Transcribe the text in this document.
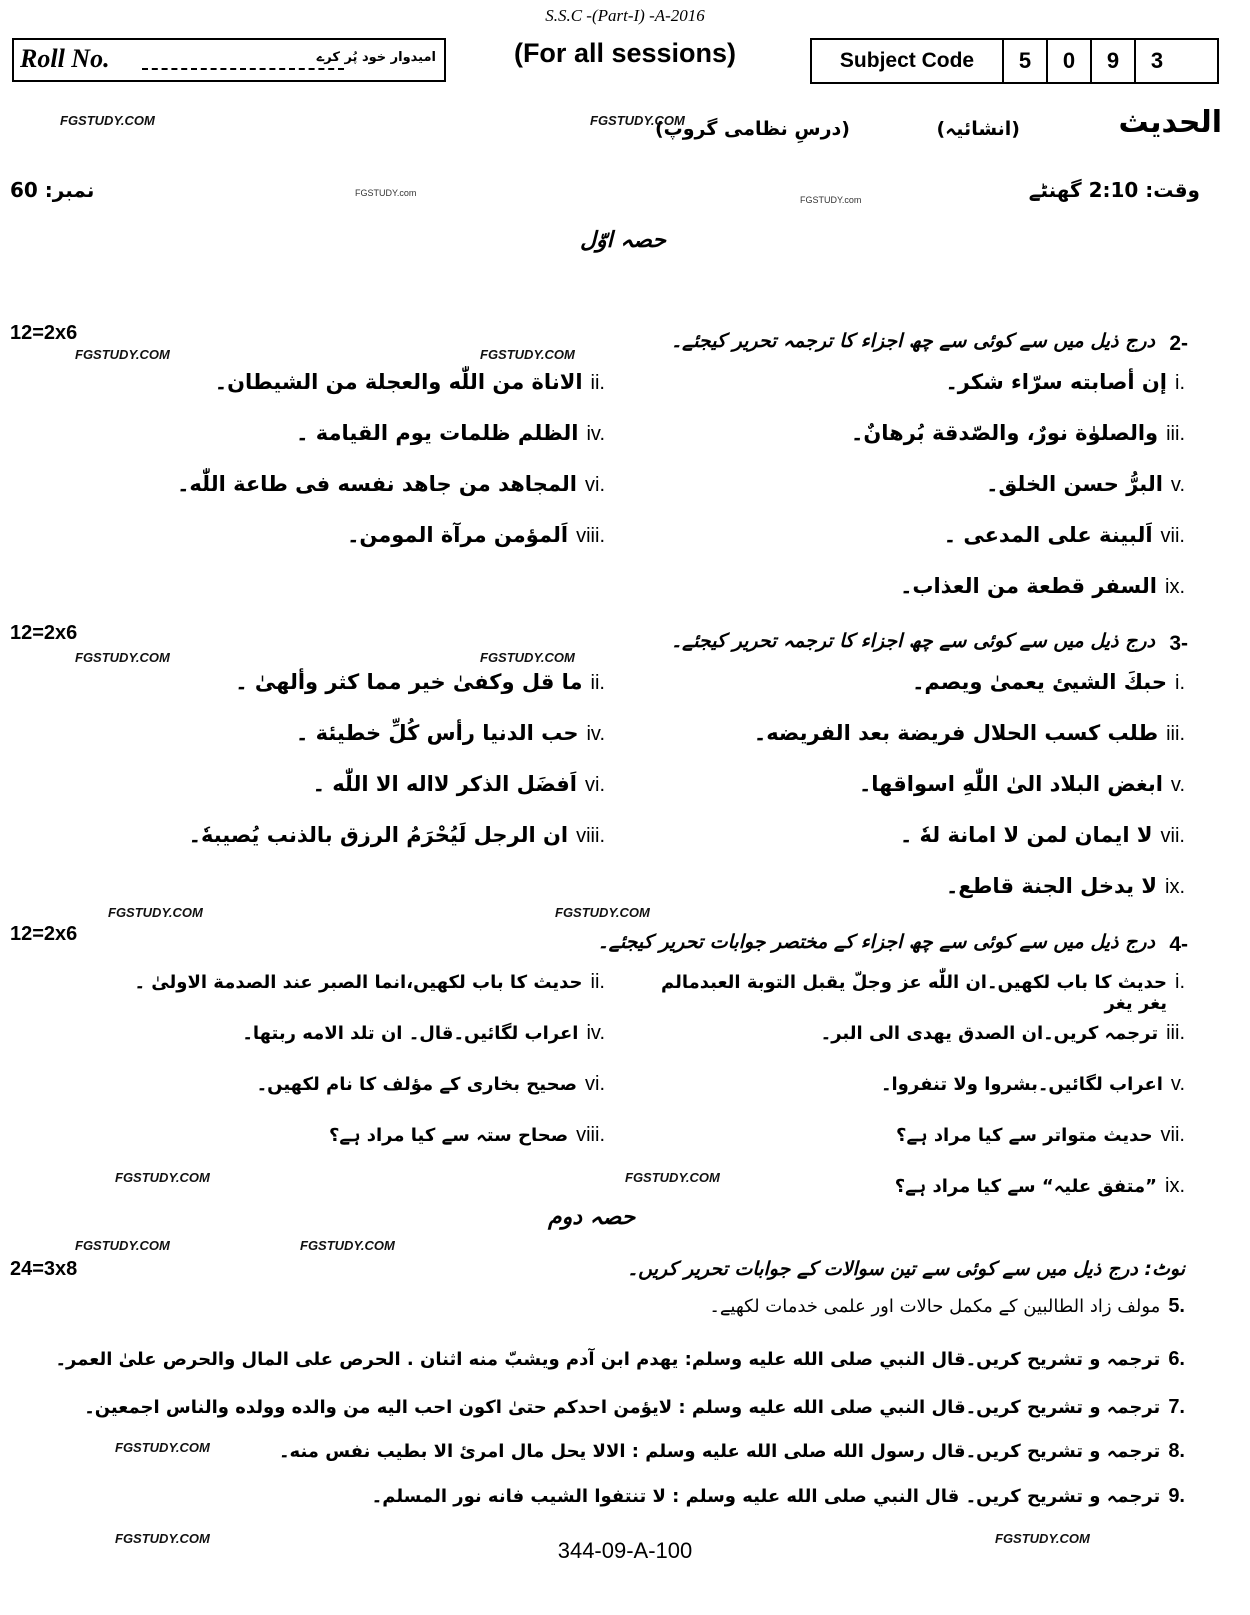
S.S.C -(Part-I) -A-2016
(For all sessions)
Roll No.	امیدوار خود پُر کرے	Subject Code	5	0	9	3
الحدیث
(انشائیہ)
(درسِ نظامی گروپ)
وقت: 2:10 گھنٹے
نمبر: 60
حصہ اوّل
FGSTUDY.COM	FGSTUDY.COM
FGSTUDY.com
FGSTUDY.com
FGSTUDY.COM	FGSTUDY.COM
FGSTUDY.COM	FGSTUDY.COM
FGSTUDY.COM	FGSTUDY.COM
FGSTUDY.COM	FGSTUDY.COM
FGSTUDY.COM	FGSTUDY.COM
FGSTUDY.COM
FGSTUDY.COM	FGSTUDY.COM
2-
درج ذیل میں سے کوئی سے چھ اجزاء کا ترجمہ تحریر کیجئے۔
12=2x6
i.
إن أصابته سرّاء شكر۔
ii.
الاناة من اللّٰه والعجلة من الشيطان۔
iii.
والصلوٰة نورٌ، والصّدقة بُرهانٌ۔
iv.
الظلم ظلمات يوم القيامة ۔
v.
البرُّ حسن الخلق۔
vi.
المجاهد من جاهد نفسه فى طاعة اللّٰه۔
vii.
اَلبينة على المدعى ۔
viii.
اَلمؤمن مرآة المومن۔
ix.
السفر قطعة من العذاب۔
3-
درج ذیل میں سے کوئی سے چھ اجزاء کا ترجمہ تحریر کیجئے۔
12=2x6
i.
حبكَ الشيئ يعمىٰ ويصم۔
ii.
ما قل وكفىٰ خير مما كثر وألهىٰ ۔
iii.
طلب كسب الحلال فريضة بعد الفريضه۔
iv.
حب الدنيا رأس كُلِّ خطيئة ۔
v.
ابغض البلاد الىٰ اللّٰهِ اسواقها۔
vi.
اَفضَل الذكر لااله الا اللّٰه ۔
vii.
لا ايمان لمن لا امانة لهٗ ۔
viii.
ان الرجل لَيُحْرَمُ الرزق بالذنب يُصيبهٗ۔
ix.
لا يدخل الجنة قاطع۔
4-
درج ذیل میں سے کوئی سے چھ اجزاء کے مختصر جوابات تحریر کیجئے۔
12=2x6
i.
حدیث کا باب لکھیں۔ان اللّٰه عز وجلّ يقبل التوبة العبدمالم يغر يغر
ii.
حدیث کا باب لکھیں،انما الصبر عند الصدمة الاولىٰ ۔
iii.
ترجمہ کریں۔ان الصدق يهدى الى البر۔
iv.
اعراب لگائیں۔قال۔ ان تلد الامه ربتها۔
v.
اعراب لگائیں۔بشروا ولا تنفروا۔
vi.
صحیح بخاری کے مؤلف کا نام لکھیں۔
vii.
حدیث متواتر سے کیا مراد ہے؟
viii.
صحاح ستہ سے کیا مراد ہے؟
ix.
”متفق علیہ“ سے کیا مراد ہے؟
حصہ دوم
نوٹ: درج ذیل میں سے کوئی سے تین سوالات کے جوابات تحریر کریں۔
24=3x8
5.
مولف زاد الطالبین کے مکمل حالات اور علمی خدمات لکھیے۔
6.
ترجمہ و تشریح کریں۔قال النبي صلى الله عليه وسلم: يهدم ابن آدم ويشبّ منه اثنان . الحرص على المال والحرص علىٰ العمر۔
7.
ترجمہ و تشریح کریں۔قال النبي صلى الله عليه وسلم : لايؤمن احدكم حتىٰ اكون احب اليه من والده وولده والناس اجمعين۔
8.
ترجمہ و تشریح کریں۔قال رسول الله صلى الله عليه وسلم : الالا يحل مال امرئ الا بطيب نفس منه۔
9.
ترجمہ و تشریح کریں۔ قال النبي صلى الله عليه وسلم : لا تنتفوا الشيب فانه نور المسلم۔
344-09-A-100
